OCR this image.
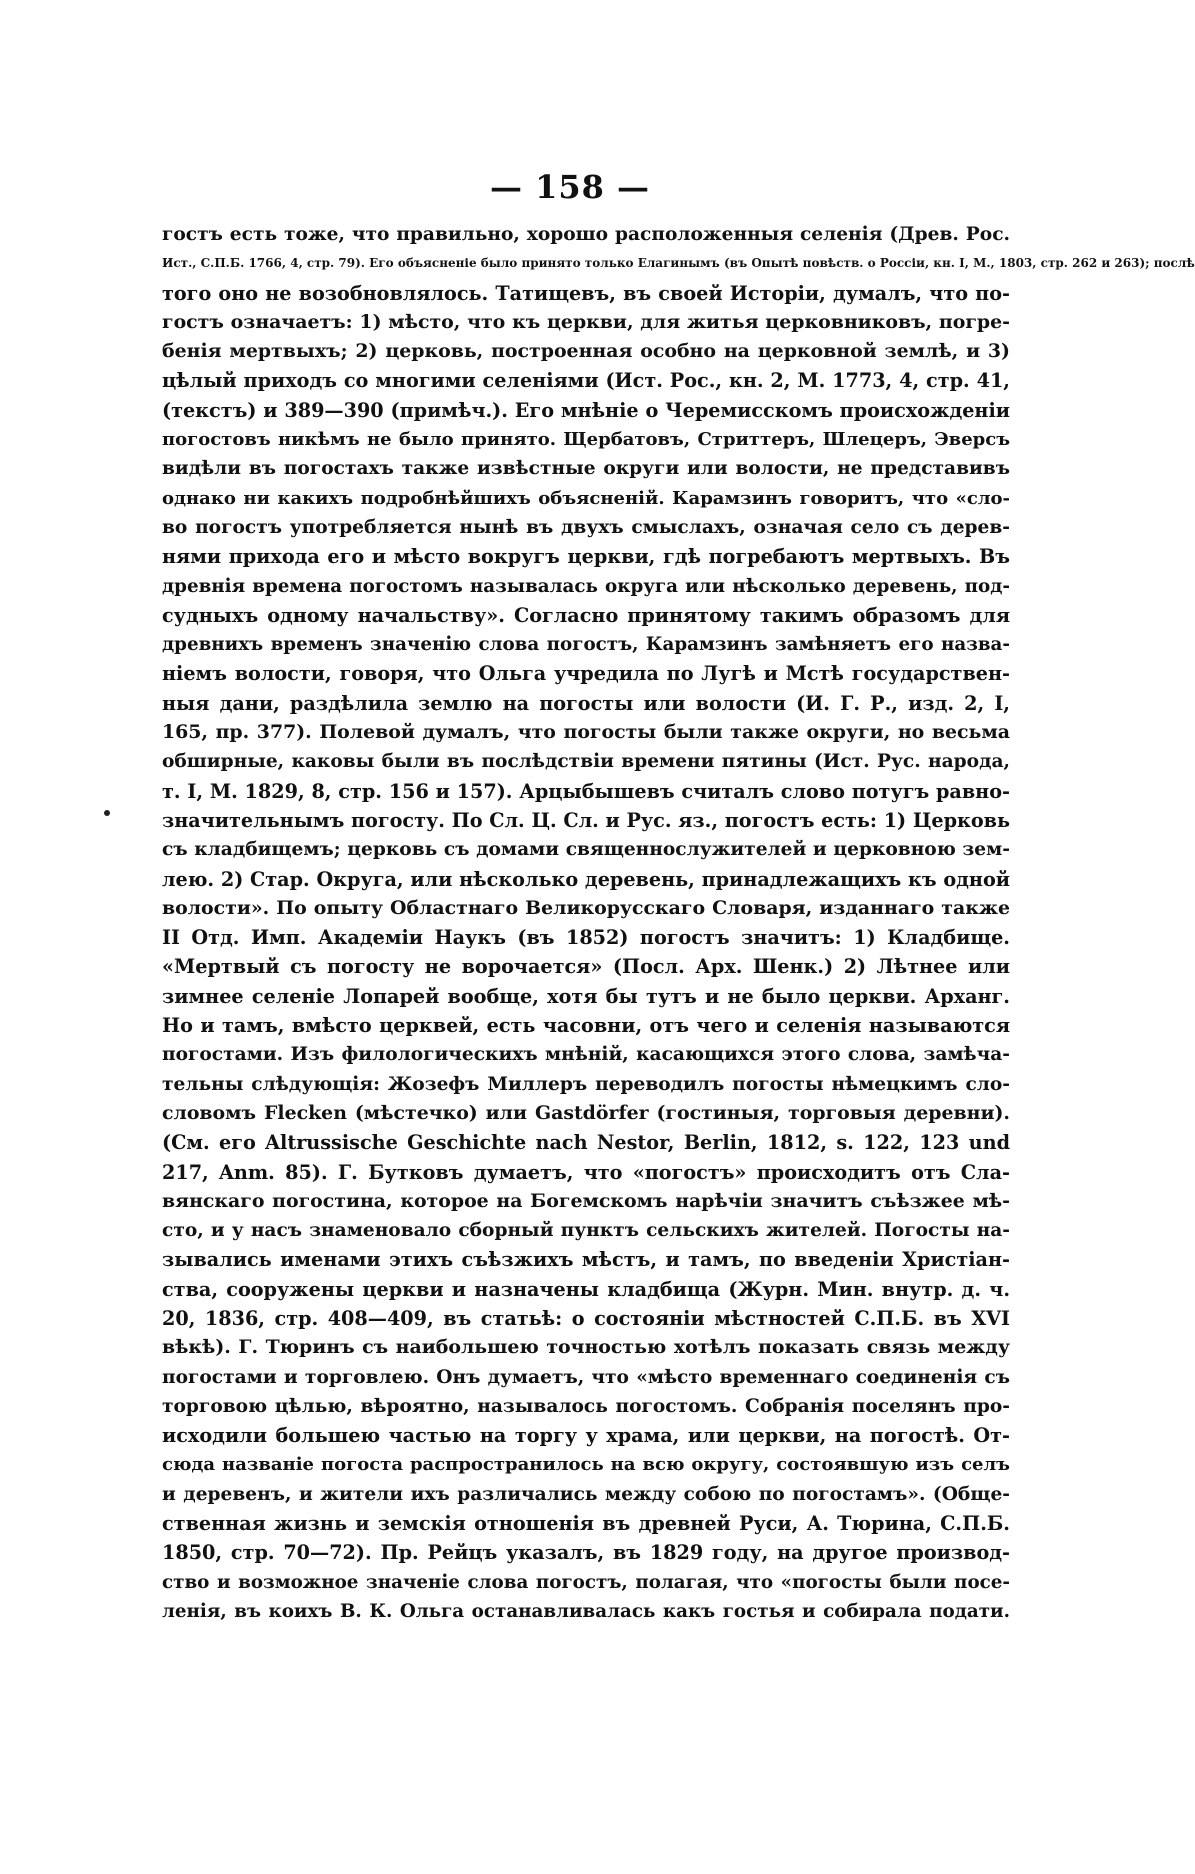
— 158 —
гостъ есть тоже, что правильно, хорошо расположенныя селенія (Древ. Рос.
Ист., С.П.Б. 1766, 4, стр. 79). Его объясненіе было принято только Елагинымъ (въ Опытѣ повѣств. о Россіи, кн. I, М., 1803, стр. 262 и 263); послѣ
того оно не возобновлялось. Татищевъ, въ своей Исторіи, думалъ, что по-
гостъ означаетъ: 1) мѣсто, что къ церкви, для житья церковниковъ, погре-
бенія мертвыхъ; 2) церковь, построенная особно на церковной землѣ, и 3)
цѣлый приходъ со многими селеніями (Ист. Рос., кн. 2, М. 1773, 4, стр. 41,
(текстъ) и 389—390 (примѣч.). Его мнѣніе о Черемисскомъ происхожденіи
погостовъ никѣмъ не было принято. Щербатовъ, Стриттеръ, Шлецеръ, Эверсъ
видѣли въ погостахъ также извѣстные округи или волости, не представивъ
однако ни какихъ подробнѣйшихъ объясненій. Карамзинъ говоритъ, что «сло-
во погостъ употребляется нынѣ въ двухъ смыслахъ, означая село съ дерев-
нями прихода его и мѣсто вокругъ церкви, гдѣ погребаютъ мертвыхъ. Въ
древнія времена погостомъ называлась округа или нѣсколько деревень, под-
судныхъ одному начальству». Согласно принятому такимъ образомъ для
древнихъ временъ значенію слова погостъ, Карамзинъ замѣняетъ его назва-
ніемъ волости, говоря, что Ольга учредила по Лугѣ и Мстѣ государствен-
ныя дани, раздѣлила землю на погосты или волости (И. Г. Р., изд. 2, I,
165, пр. 377). Полевой думалъ, что погосты были также округи, но весьма
обширные, каковы были въ послѣдствіи времени пятины (Ист. Рус. народа,
т. I, М. 1829, 8, стр. 156 и 157). Арцыбышевъ считалъ слово потугъ равно-
значительнымъ погосту. По Сл. Ц. Сл. и Рус. яз., погостъ есть: 1) Церковь
съ кладбищемъ; церковь съ домами священнослужителей и церковною зем-
лею. 2) Стар. Округа, или нѣсколько деревень, принадлежащихъ къ одной
волости». По опыту Областнаго Великорусскаго Словаря, изданнаго также
II Отд. Имп. Академіи Наукъ (въ 1852) погостъ значитъ: 1) Кладбище.
«Мертвый съ погосту не ворочается» (Посл. Арх. Шенк.) 2) Лѣтнее или
зимнее селеніе Лопарей вообще, хотя бы тутъ и не было церкви. Арханг.
Но и тамъ, вмѣсто церквей, есть часовни, отъ чего и селенія называются
погостами. Изъ филологическихъ мнѣній, касающихся этого слова, замѣча-
тельны слѣдующія: Жозефъ Миллеръ переводилъ погосты нѣмецкимъ сло-
словомъ Flecken (мѣстечко) или Gastdörfer (гостиныя, торговыя деревни).
(См. его Altrussische Geschichte nach Nestor, Berlin, 1812, s. 122, 123 und
217, Anm. 85). Г. Бутковъ думаетъ, что «погостъ» происходитъ отъ Сла-
вянскаго погостина, которое на Богемскомъ нарѣчіи значитъ съѣзжее мѣ-
сто, и у насъ знаменовало сборный пунктъ сельскихъ жителей. Погосты на-
зывались именами этихъ съѣзжихъ мѣстъ, и тамъ, по введеніи Христіан-
ства, сооружены церкви и назначены кладбища (Журн. Мин. внутр. д. ч.
20, 1836, стр. 408—409, въ статьѣ: о состояніи мѣстностей С.П.Б. въ XVI
вѣкѣ). Г. Тюринъ съ наибольшею точностью хотѣлъ показать связь между
погостами и торговлею. Онъ думаетъ, что «мѣсто временнаго соединенія съ
торговою цѣлью, вѣроятно, называлось погостомъ. Собранія поселянъ про-
исходили большею частью на торгу у храма, или церкви, на погостѣ. От-
сюда названіе погоста распространилось на всю округу, состоявшую изъ селъ
и деревенъ, и жители ихъ различались между собою по погостамъ». (Обще-
ственная жизнь и земскія отношенія въ древней Руси, А. Тюрина, С.П.Б.
1850, стр. 70—72). Пр. Рейцъ указалъ, въ 1829 году, на другое производ-
ство и возможное значеніе слова погостъ, полагая, что «погосты были посе-
ленія, въ коихъ В. К. Ольга останавливалась какъ гостья и собирала подати.
